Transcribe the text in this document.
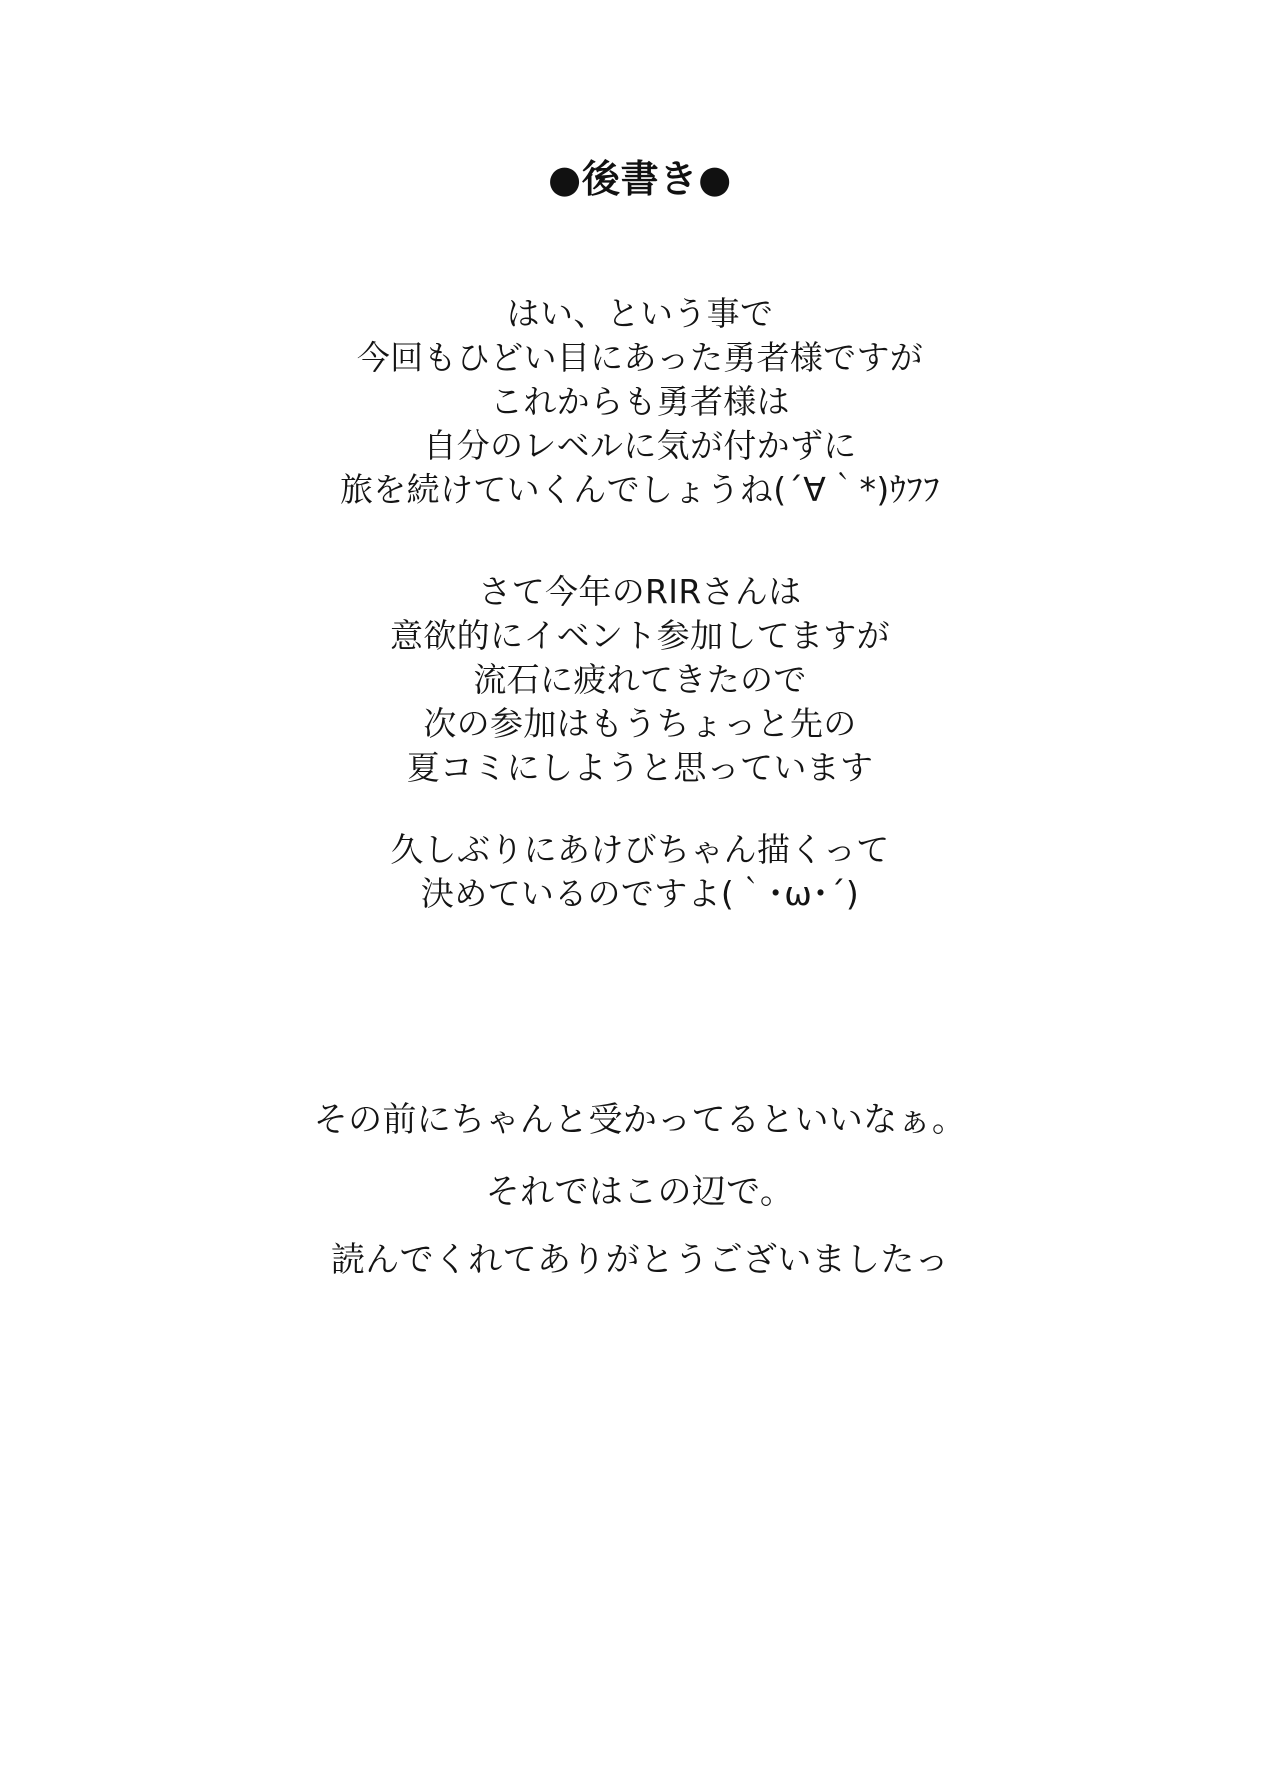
●後書き●

はい、という事で

今回もひどい目にあった勇者様ですが

これからも勇者様は

自分のレベルに気が付かずに

旅を続けていくんでしょうね(´∀｀*)ｳﾌﾌ

さて今年のRIRさんは

意欲的にイベント参加してますが

流石に疲れてきたので

次の参加はもうちょっと先の

夏コミにしようと思っています

久しぶりにあけびちゃん描くって

決めているのですよ(｀･ω･´)

その前にちゃんと受かってるといいなぁ。

それではこの辺で。

読んでくれてありがとうございましたっ
